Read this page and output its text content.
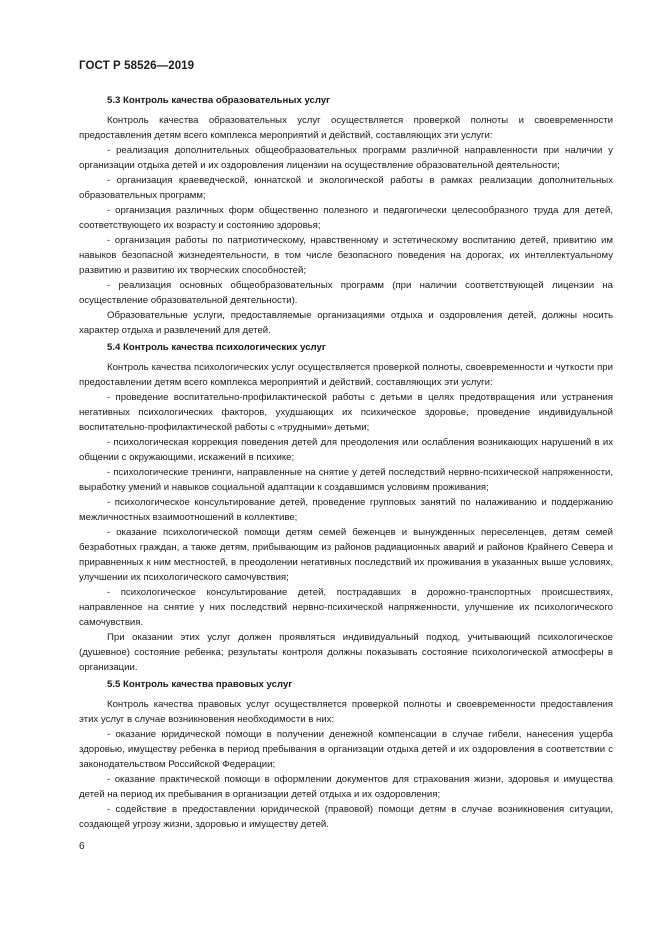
ГОСТ Р 58526—2019
5.3 Контроль качества образовательных услуг

Контроль качества образовательных услуг осуществляется проверкой полноты и своевременности предоставления детям всего комплекса мероприятий и действий, составляющих эти услуги:

- реализация дополнительных общеобразовательных программ различной направленности при наличии у организации отдыха детей и их оздоровления лицензии на осуществление образовательной деятельности;

- организация краеведческой, юннатской и экологической работы в рамках реализации дополнительных образовательных программ;

- организация различных форм общественно полезного и педагогически целесообразного труда для детей, соответствующего их возрасту и состоянию здоровья;

- организация работы по патриотическому, нравственному и эстетическому воспитанию детей, привитию им навыков безопасной жизнедеятельности, в том числе безопасного поведения на дорогах, их интеллектуальному развитию и развитию их творческих способностей;

- реализация основных общеобразовательных программ (при наличии соответствующей лицензии на осуществление образовательной деятельности).

Образовательные услуги, предоставляемые организациями отдыха и оздоровления детей, должны носить характер отдыха и развлечений для детей.

5.4 Контроль качества психологических услуг

Контроль качества психологических услуг осуществляется проверкой полноты, своевременности и чуткости при предоставлении детям всего комплекса мероприятий и действий, составляющих эти услуги:

- проведение воспитательно-профилактической работы с детьми в целях предотвращения или устранения негативных психологических факторов, ухудшающих их психическое здоровье, проведение индивидуальной воспитательно-профилактической работы с «трудными» детьми;

- психологическая коррекция поведения детей для преодоления или ослабления возникающих нарушений в их общении с окружающими, искажений в психике;

- психологические тренинги, направленные на снятие у детей последствий нервно-психической напряженности, выработку умений и навыков социальной адаптации к создавшимся условиям проживания;

- психологическое консультирование детей, проведение групповых занятий по налаживанию и поддержанию межличностных взаимоотношений в коллективе;

- оказание психологической помощи детям семей беженцев и вынужденных переселенцев, детям семей безработных граждан, а также детям, прибывающим из районов радиационных аварий и районов Крайнего Севера и приравненных к ним местностей, в преодолении негативных последствий их проживания в указанных выше условиях, улучшении их психологического самочувствия;

- психологическое консультирование детей, пострадавших в дорожно-транспортных происшествиях, направленное на снятие у них последствий нервно-психической напряженности, улучшение их психологического самочувствия.

При оказании этих услуг должен проявляться индивидуальный подход, учитывающий психологическое (душевное) состояние ребенка; результаты контроля должны показывать состояние психологической атмосферы в организации.

5.5 Контроль качества правовых услуг

Контроль качества правовых услуг осуществляется проверкой полноты и своевременности предоставления этих услуг в случае возникновения необходимости в них:

- оказание юридической помощи в получении денежной компенсации в случае гибели, нанесения ущерба здоровью, имуществу ребенка в период пребывания в организации отдыха детей и их оздоровления в соответствии с законодательством Российской Федерации;

- оказание практической помощи в оформлении документов для страхования жизни, здоровья и имущества детей на период их пребывания в организации детей отдыха и их оздоровления;

- содействие в предоставлении юридической (правовой) помощи детям в случае возникновения ситуации, создающей угрозу жизни, здоровью и имуществу детей.

6
